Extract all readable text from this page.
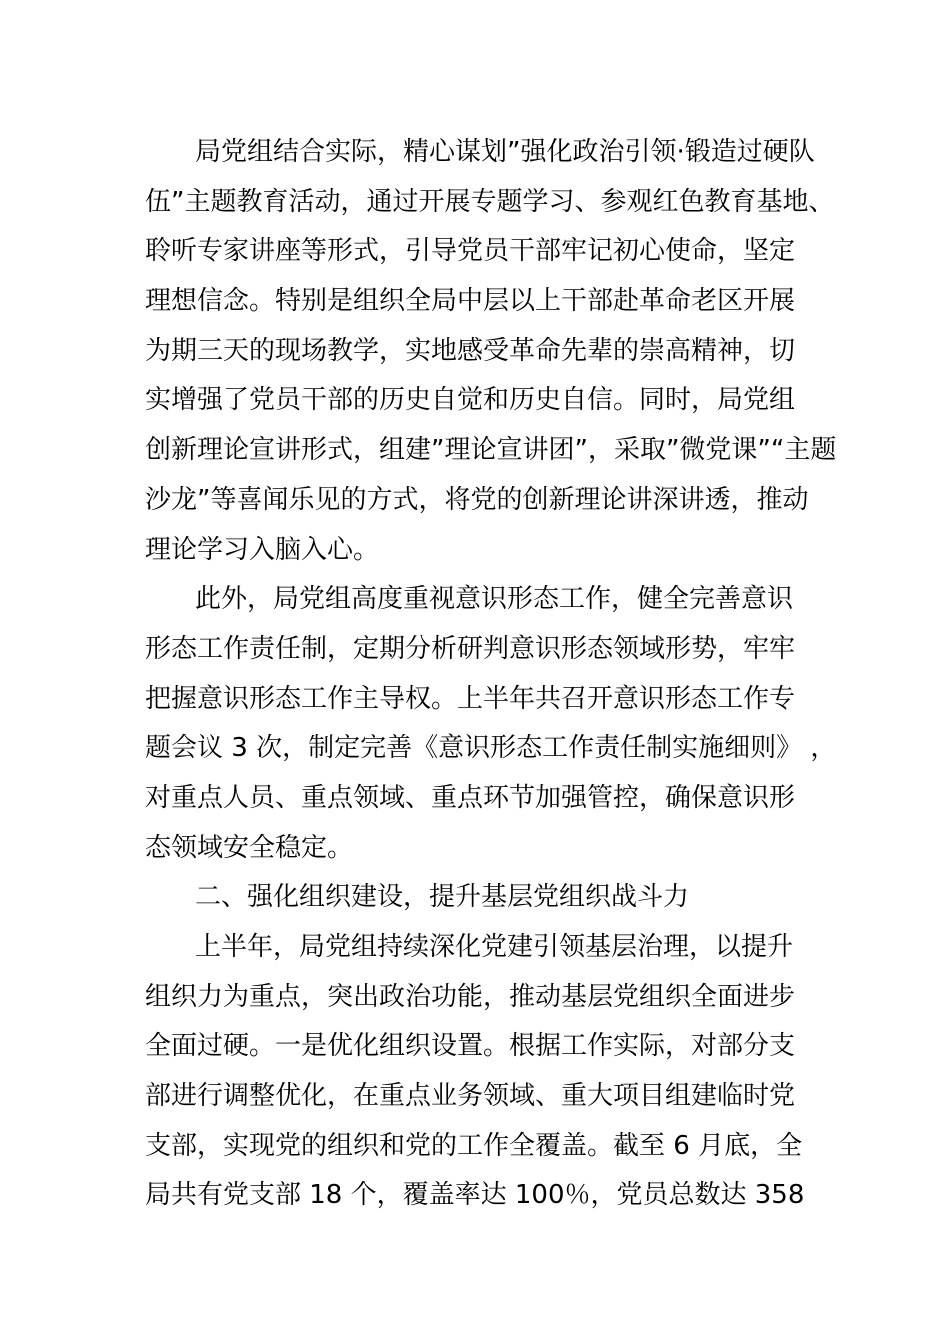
局党组结合实际，精心谋划”强化政治引领·锻造过硬队
伍”主题教育活动，通过开展专题学习、参观红色教育基地、
聆听专家讲座等形式，引导党员干部牢记初心使命，坚定
理想信念。特别是组织全局中层以上干部赴革命老区开展
为期三天的现场教学，实地感受革命先辈的崇高精神，切
实增强了党员干部的历史自觉和历史自信。同时，局党组
创新理论宣讲形式，组建”理论宣讲团”，采取”微党课”“主题
沙龙”等喜闻乐见的方式，将党的创新理论讲深讲透，推动
理论学习入脑入心。
此外，局党组高度重视意识形态工作，健全完善意识
形态工作责任制，定期分析研判意识形态领域形势，牢牢
把握意识形态工作主导权。上半年共召开意识形态工作专
题会议 3 次，制定完善《意识形态工作责任制实施细则》 ，
对重点人员、重点领域、重点环节加强管控，确保意识形
态领域安全稳定。
二、强化组织建设，提升基层党组织战斗力
上半年，局党组持续深化党建引领基层治理，以提升
组织力为重点，突出政治功能，推动基层党组织全面进步
全面过硬。一是优化组织设置。根据工作实际，对部分支
部进行调整优化，在重点业务领域、重大项目组建临时党
支部，实现党的组织和党的工作全覆盖。截至 6 月底，全
局共有党支部 18 个，覆盖率达 100％，党员总数达 358
